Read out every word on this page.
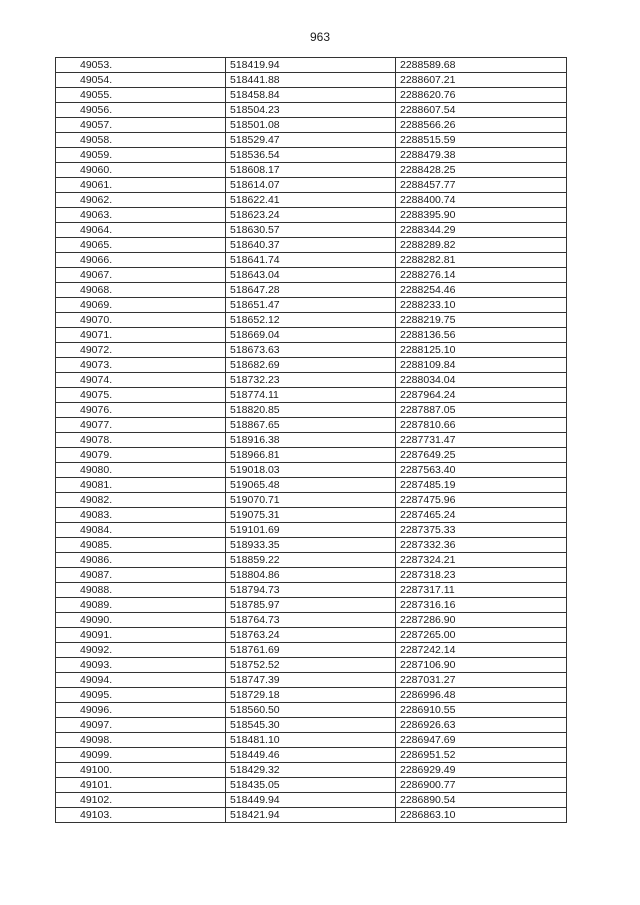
963
49053.	518419.94	2288589.68
49054.	518441.88	2288607.21
49055.	518458.84	2288620.76
49056.	518504.23	2288607.54
49057.	518501.08	2288566.26
49058.	518529.47	2288515.59
49059.	518536.54	2288479.38
49060.	518608.17	2288428.25
49061.	518614.07	2288457.77
49062.	518622.41	2288400.74
49063.	518623.24	2288395.90
49064.	518630.57	2288344.29
49065.	518640.37	2288289.82
49066.	518641.74	2288282.81
49067.	518643.04	2288276.14
49068.	518647.28	2288254.46
49069.	518651.47	2288233.10
49070.	518652.12	2288219.75
49071.	518669.04	2288136.56
49072.	518673.63	2288125.10
49073.	518682.69	2288109.84
49074.	518732.23	2288034.04
49075.	518774.11	2287964.24
49076.	518820.85	2287887.05
49077.	518867.65	2287810.66
49078.	518916.38	2287731.47
49079.	518966.81	2287649.25
49080.	519018.03	2287563.40
49081.	519065.48	2287485.19
49082.	519070.71	2287475.96
49083.	519075.31	2287465.24
49084.	519101.69	2287375.33
49085.	518933.35	2287332.36
49086.	518859.22	2287324.21
49087.	518804.86	2287318.23
49088.	518794.73	2287317.11
49089.	518785.97	2287316.16
49090.	518764.73	2287286.90
49091.	518763.24	2287265.00
49092.	518761.69	2287242.14
49093.	518752.52	2287106.90
49094.	518747.39	2287031.27
49095.	518729.18	2286996.48
49096.	518560.50	2286910.55
49097.	518545.30	2286926.63
49098.	518481.10	2286947.69
49099.	518449.46	2286951.52
49100.	518429.32	2286929.49
49101.	518435.05	2286900.77
49102.	518449.94	2286890.54
49103.	518421.94	2286863.10
